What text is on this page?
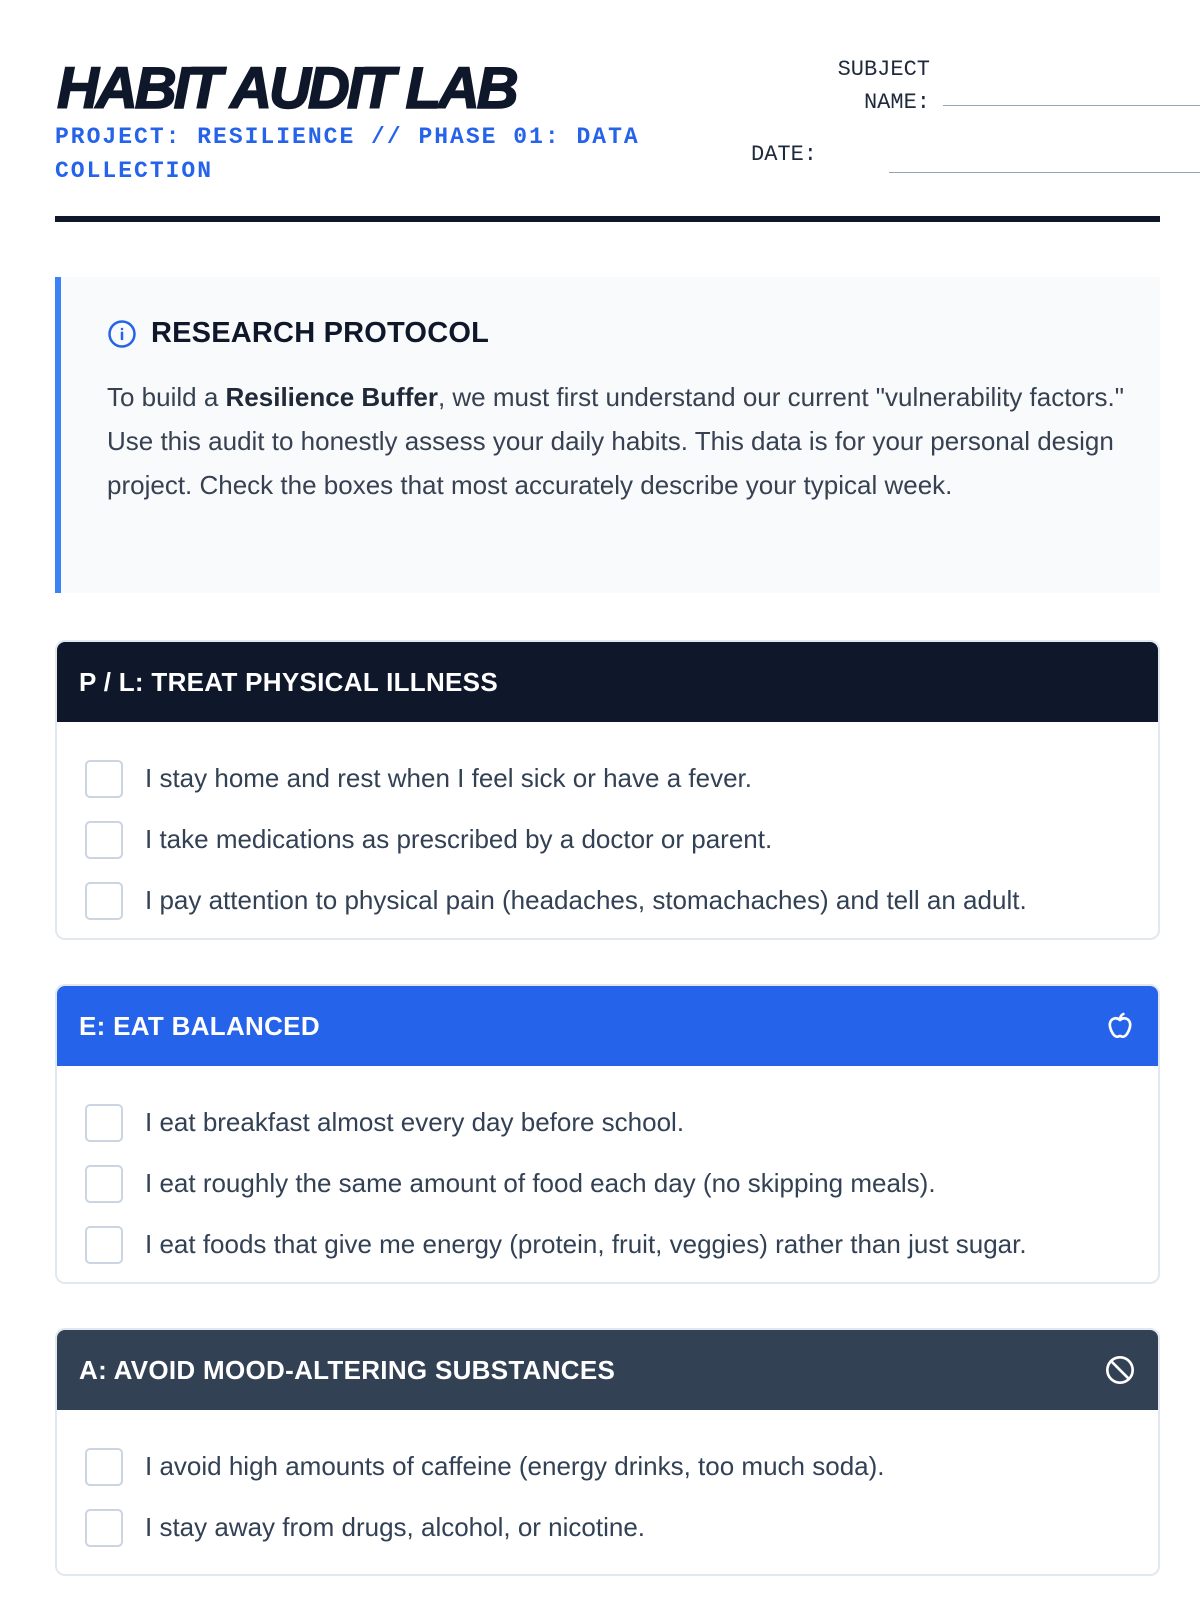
HABIT AUDIT LAB

PROJECT: RESILIENCE // PHASE 01: DATA COLLECTION

SUBJECT NAME:
DATE:
RESEARCH PROTOCOL

To build a Resilience Buffer, we must first understand our current "vulnerability factors." Use this audit to honestly assess your daily habits. This data is for your personal design project. Check the boxes that most accurately describe your typical week.

P / L: TREAT PHYSICAL ILLNESS
I stay home and rest when I feel sick or have a fever.
I take medications as prescribed by a doctor or parent.
I pay attention to physical pain (headaches, stomachaches) and tell an adult.
E: EAT BALANCED
I eat breakfast almost every day before school.
I eat roughly the same amount of food each day (no skipping meals).
I eat foods that give me energy (protein, fruit, veggies) rather than just sugar.
A: AVOID MOOD-ALTERING SUBSTANCES
I avoid high amounts of caffeine (energy drinks, too much soda).
I stay away from drugs, alcohol, or nicotine.
